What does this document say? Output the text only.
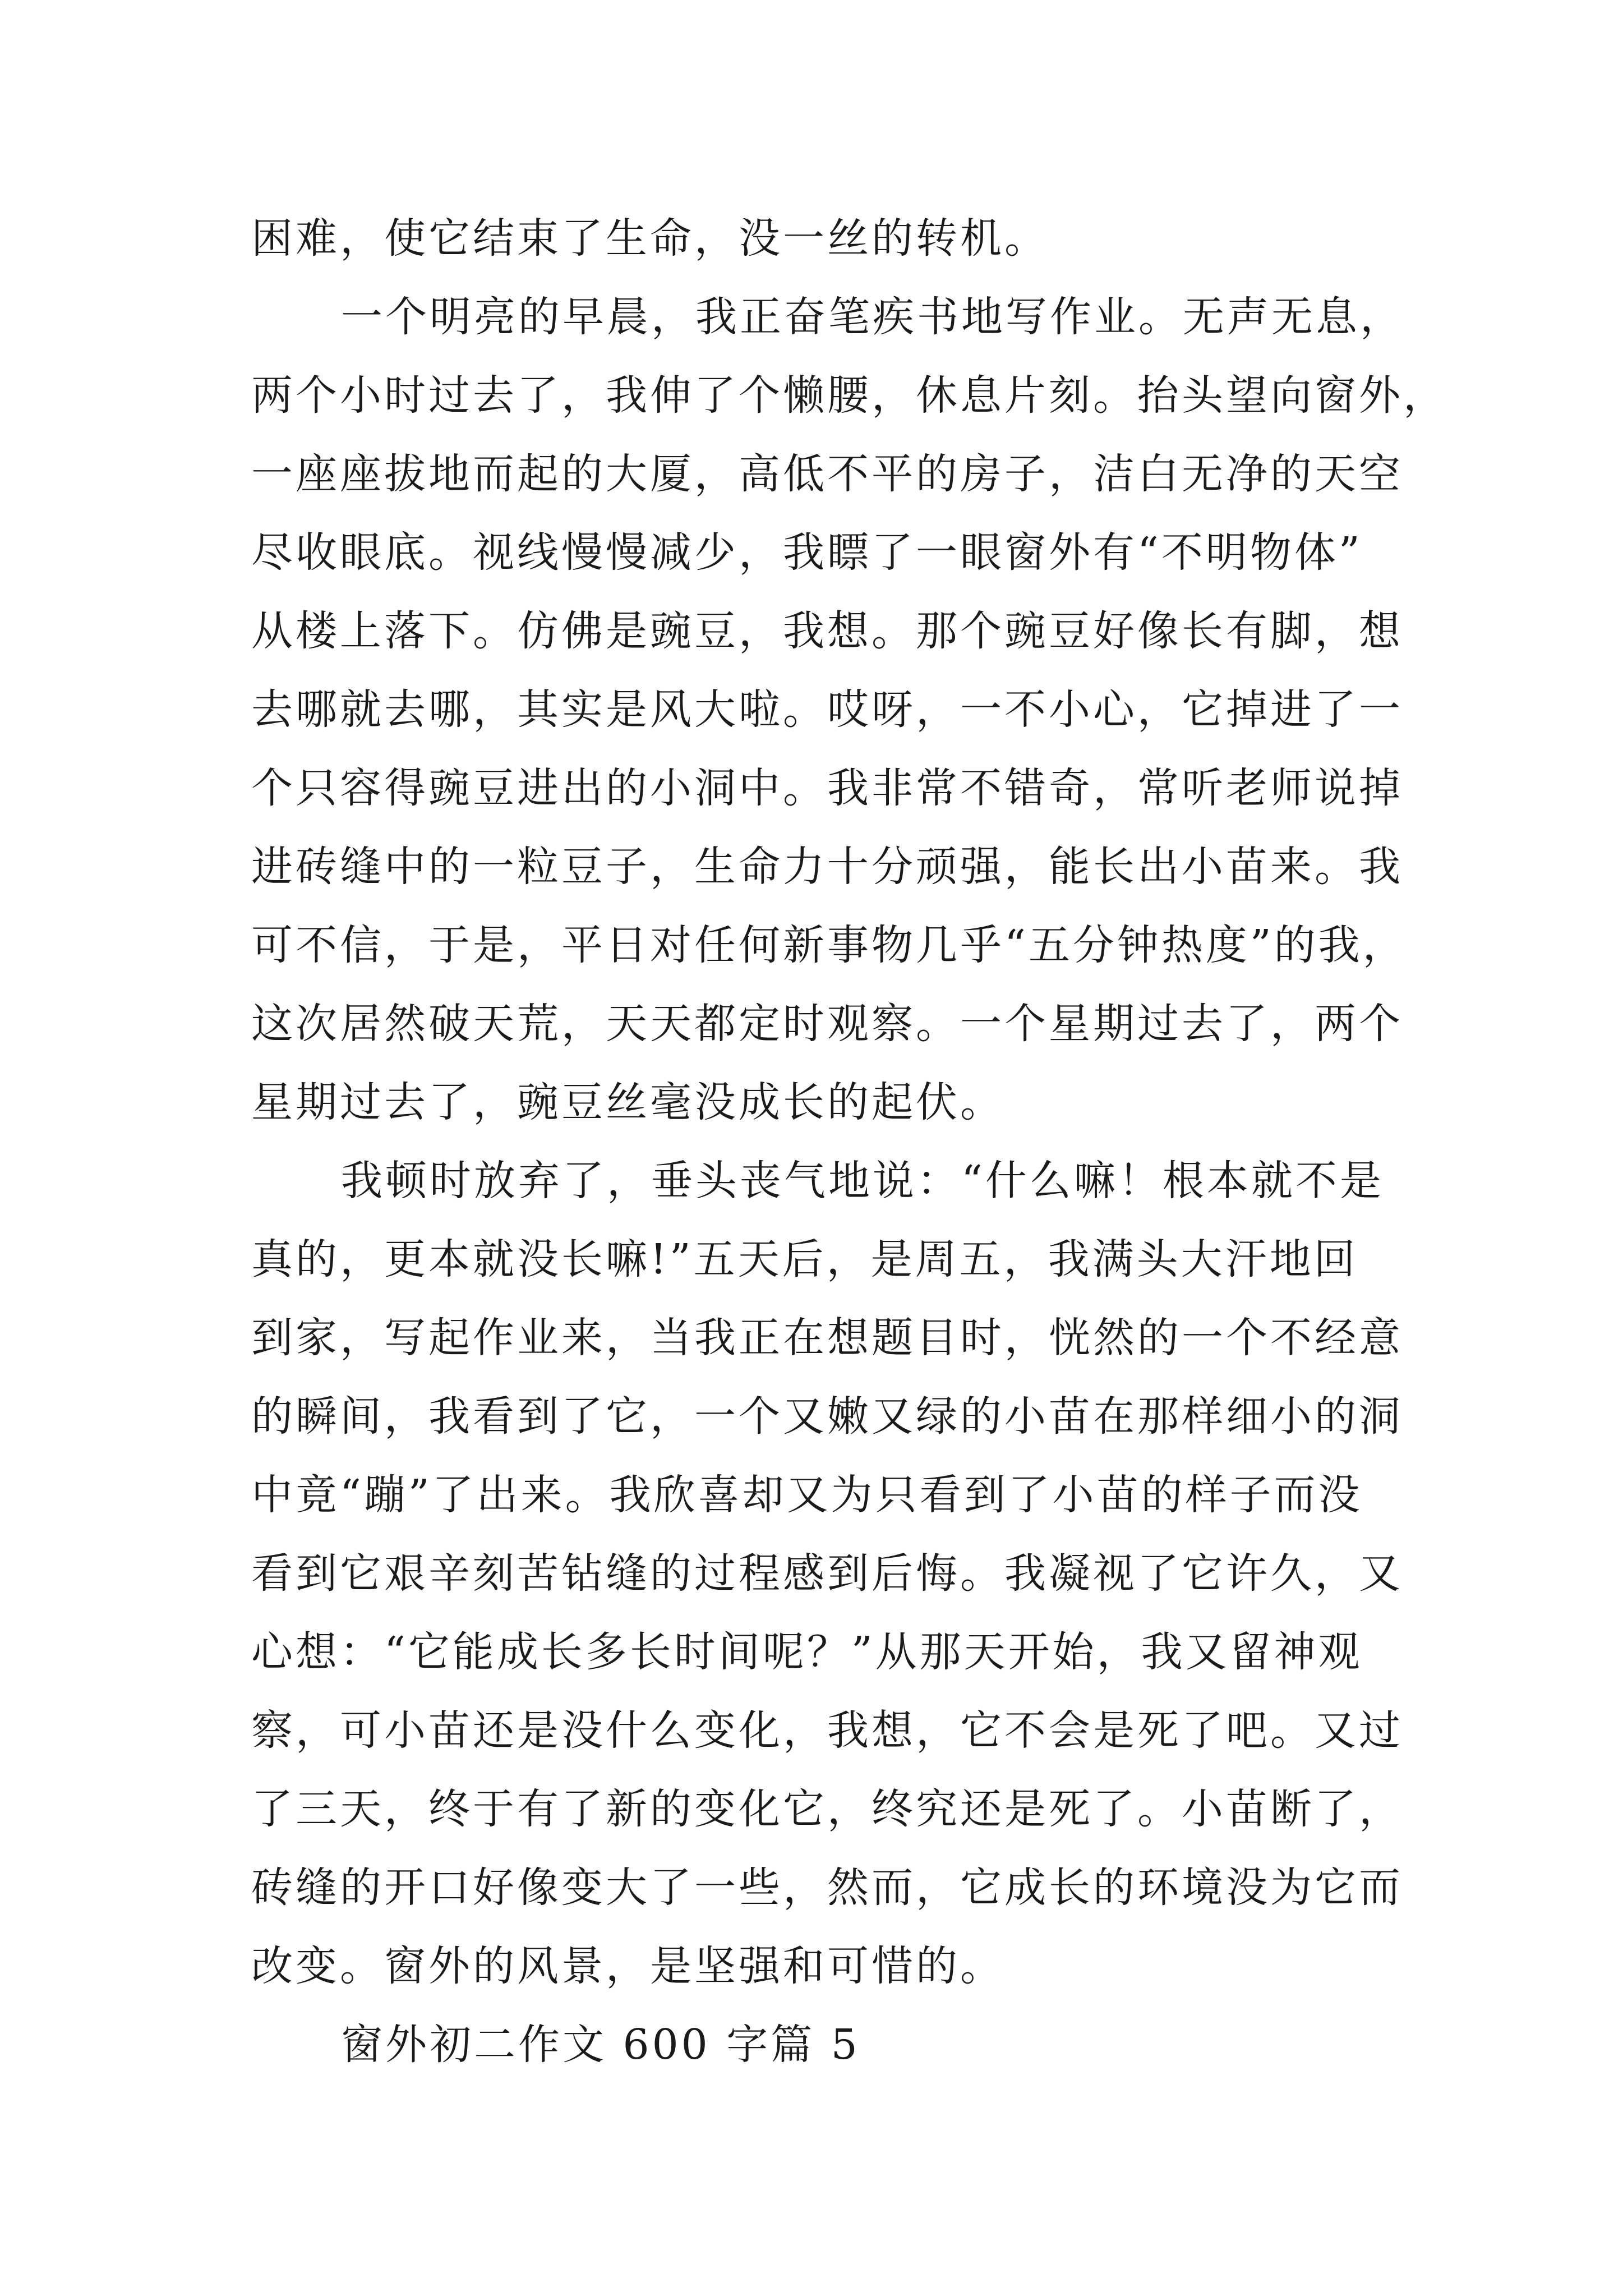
困难，使它结束了生命，没一丝的转机。
一个明亮的早晨，我正奋笔疾书地写作业。无声无息，
两个小时过去了，我伸了个懒腰，休息片刻。抬头望向窗外，
一座座拔地而起的大厦，高低不平的房子，洁白无净的天空
尽收眼底。视线慢慢减少，我瞟了一眼窗外有“不明物体”
从楼上落下。仿佛是豌豆，我想。那个豌豆好像长有脚，想
去哪就去哪，其实是风大啦。哎呀，一不小心，它掉进了一
个只容得豌豆进出的小洞中。我非常不错奇，常听老师说掉
进砖缝中的一粒豆子，生命力十分顽强，能长出小苗来。我
可不信，于是，平日对任何新事物几乎“五分钟热度”的我，
这次居然破天荒，天天都定时观察。一个星期过去了，两个
星期过去了，豌豆丝毫没成长的起伏。
我顿时放弃了，垂头丧气地说：“什么嘛！根本就不是
真的，更本就没长嘛!”五天后，是周五，我满头大汗地回
到家，写起作业来，当我正在想题目时，恍然的一个不经意
的瞬间，我看到了它，一个又嫩又绿的小苗在那样细小的洞
中竟“蹦”了出来。我欣喜却又为只看到了小苗的样子而没
看到它艰辛刻苦钻缝的过程感到后悔。我凝视了它许久，又
心想：“它能成长多长时间呢？”从那天开始，我又留神观
察，可小苗还是没什么变化，我想，它不会是死了吧。又过
了三天，终于有了新的变化它，终究还是死了。小苗断了，
砖缝的开口好像变大了一些，然而，它成长的环境没为它而
改变。窗外的风景，是坚强和可惜的。
窗外初二作文 600 字篇 5
